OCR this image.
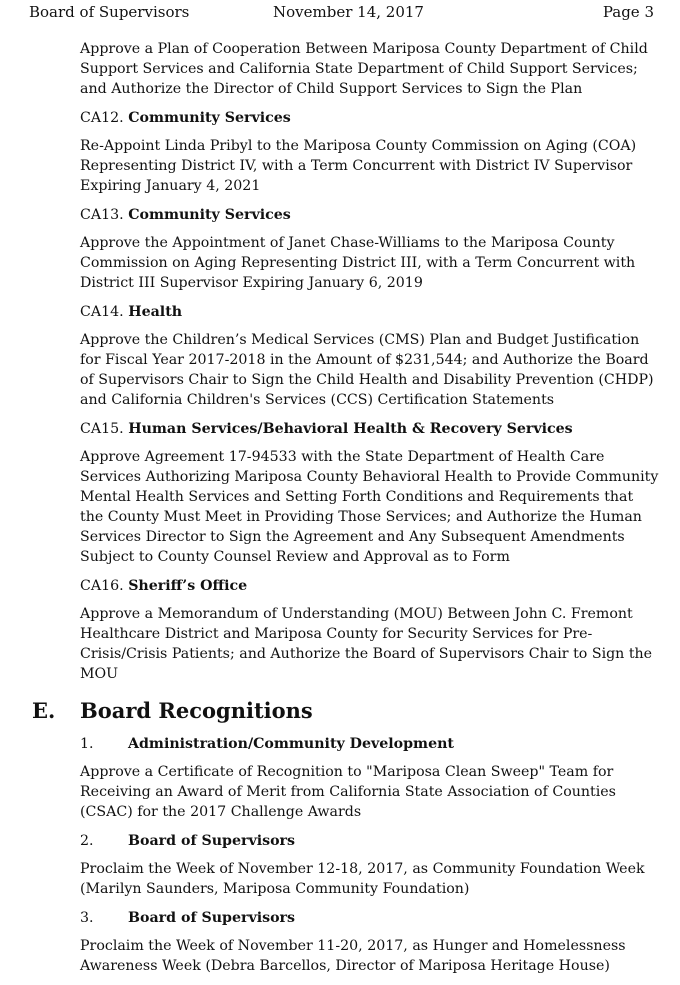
Board of Supervisors	November 14, 2017	Page 3

Approve a Plan of Cooperation Between Mariposa County Department of Child Support Services and California State Department of Child Support Services; and Authorize the Director of Child Support Services to Sign the Plan

CA12. Community Services

Re-Appoint Linda Pribyl to the Mariposa County Commission on Aging (COA) Representing District IV, with a Term Concurrent with District IV Supervisor Expiring January 4, 2021

CA13. Community Services

Approve the Appointment of Janet Chase-Williams to the Mariposa County Commission on Aging Representing District III, with a Term Concurrent with District III Supervisor Expiring January 6, 2019

CA14. Health

Approve the Children’s Medical Services (CMS) Plan and Budget Justification for Fiscal Year 2017-2018 in the Amount of $231,544; and Authorize the Board of Supervisors Chair to Sign the Child Health and Disability Prevention (CHDP) and California Children's Services (CCS) Certification Statements

CA15. Human Services/Behavioral Health & Recovery Services

Approve Agreement 17-94533 with the State Department of Health Care Services Authorizing Mariposa County Behavioral Health to Provide Community Mental Health Services and Setting Forth Conditions and Requirements that the County Must Meet in Providing Those Services; and Authorize the Human Services Director to Sign the Agreement and Any Subsequent Amendments Subject to County Counsel Review and Approval as to Form

CA16. Sheriff’s Office

Approve a Memorandum of Understanding (MOU) Between John C. Fremont Healthcare District and Mariposa County for Security Services for Pre-Crisis/Crisis Patients; and Authorize the Board of Supervisors Chair to Sign the MOU

E. Board Recognitions
1. Administration/Community Development

Approve a Certificate of Recognition to "Mariposa Clean Sweep" Team for Receiving an Award of Merit from California State Association of Counties (CSAC) for the 2017 Challenge Awards

2. Board of Supervisors

Proclaim the Week of November 12-18, 2017, as Community Foundation Week (Marilyn Saunders, Mariposa Community Foundation)

3. Board of Supervisors

Proclaim the Week of November 11-20, 2017, as Hunger and Homelessness Awareness Week (Debra Barcellos, Director of Mariposa Heritage House)
